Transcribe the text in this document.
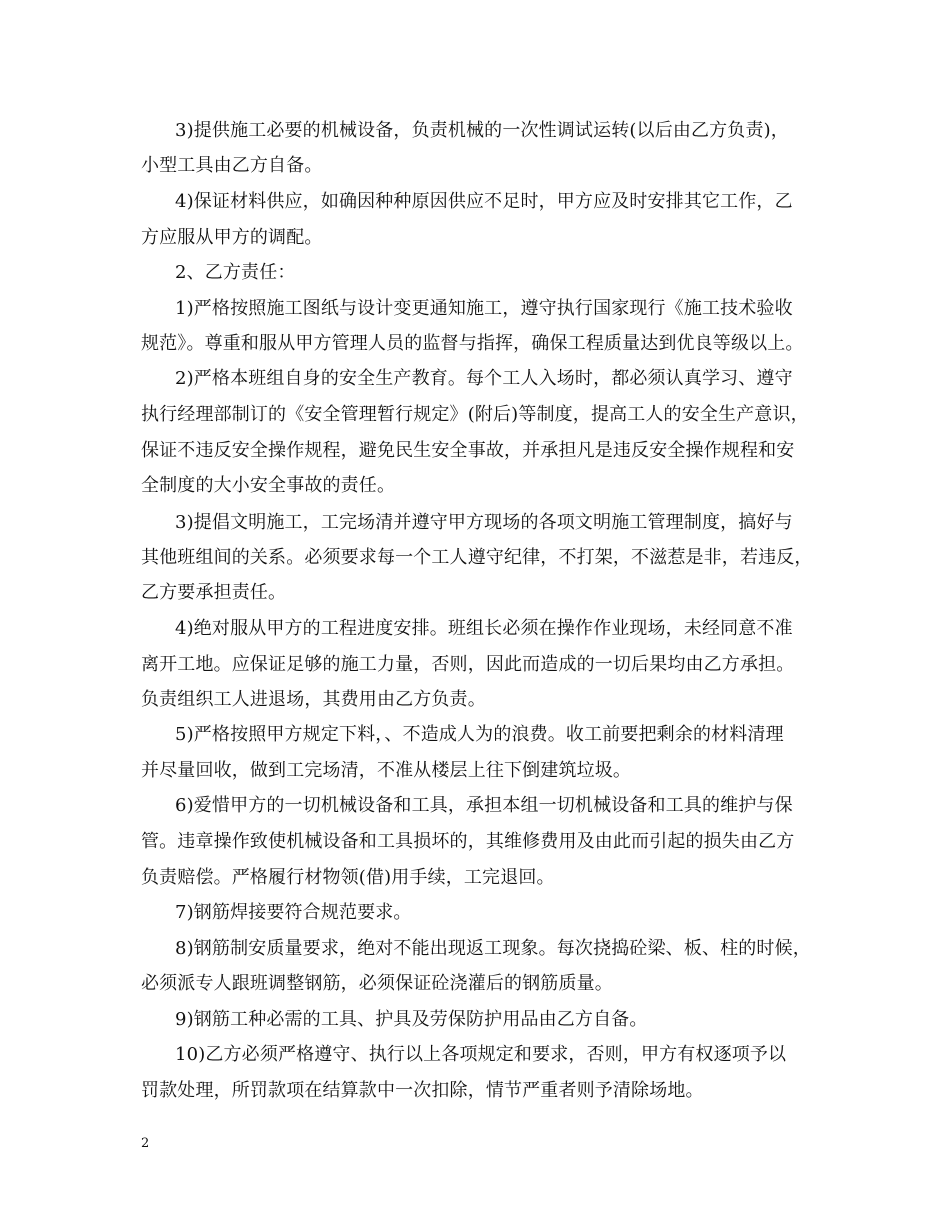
3)提供施工必要的机械设备，负责机械的一次性调试运转(以后由乙方负责)，
小型工具由乙方自备。
4)保证材料供应，如确因种种原因供应不足时，甲方应及时安排其它工作，乙
方应服从甲方的调配。
2、乙方责任：
1)严格按照施工图纸与设计变更通知施工，遵守执行国家现行《施工技术验收
规范》。尊重和服从甲方管理人员的监督与指挥，确保工程质量达到优良等级以上。
2)严格本班组自身的安全生产教育。每个工人入场时，都必须认真学习、遵守
执行经理部制订的《安全管理暂行规定》(附后)等制度，提高工人的安全生产意识，
保证不违反安全操作规程，避免民生安全事故，并承担凡是违反安全操作规程和安
全制度的大小安全事故的责任。
3)提倡文明施工，工完场清并遵守甲方现场的各项文明施工管理制度，搞好与
其他班组间的关系。必须要求每一个工人遵守纪律，不打架，不滋惹是非，若违反，
乙方要承担责任。
4)绝对服从甲方的工程进度安排。班组长必须在操作作业现场，未经同意不准
离开工地。应保证足够的施工力量，否则，因此而造成的一切后果均由乙方承担。
负责组织工人进退场，其费用由乙方负责。
5)严格按照甲方规定下料，、不造成人为的浪费。收工前要把剩余的材料清理
并尽量回收，做到工完场清，不准从楼层上往下倒建筑垃圾。
6)爱惜甲方的一切机械设备和工具，承担本组一切机械设备和工具的维护与保
管。违章操作致使机械设备和工具损坏的，其维修费用及由此而引起的损失由乙方
负责赔偿。严格履行材物领(借)用手续，工完退回。
7)钢筋焊接要符合规范要求。
8)钢筋制安质量要求，绝对不能出现返工现象。每次挠捣砼梁、板、柱的时候，
必须派专人跟班调整钢筋，必须保证砼浇灌后的钢筋质量。
9)钢筋工种必需的工具、护具及劳保防护用品由乙方自备。
10)乙方必须严格遵守、执行以上各项规定和要求，否则，甲方有权逐项予以
罚款处理，所罚款项在结算款中一次扣除，情节严重者则予清除场地。
2
